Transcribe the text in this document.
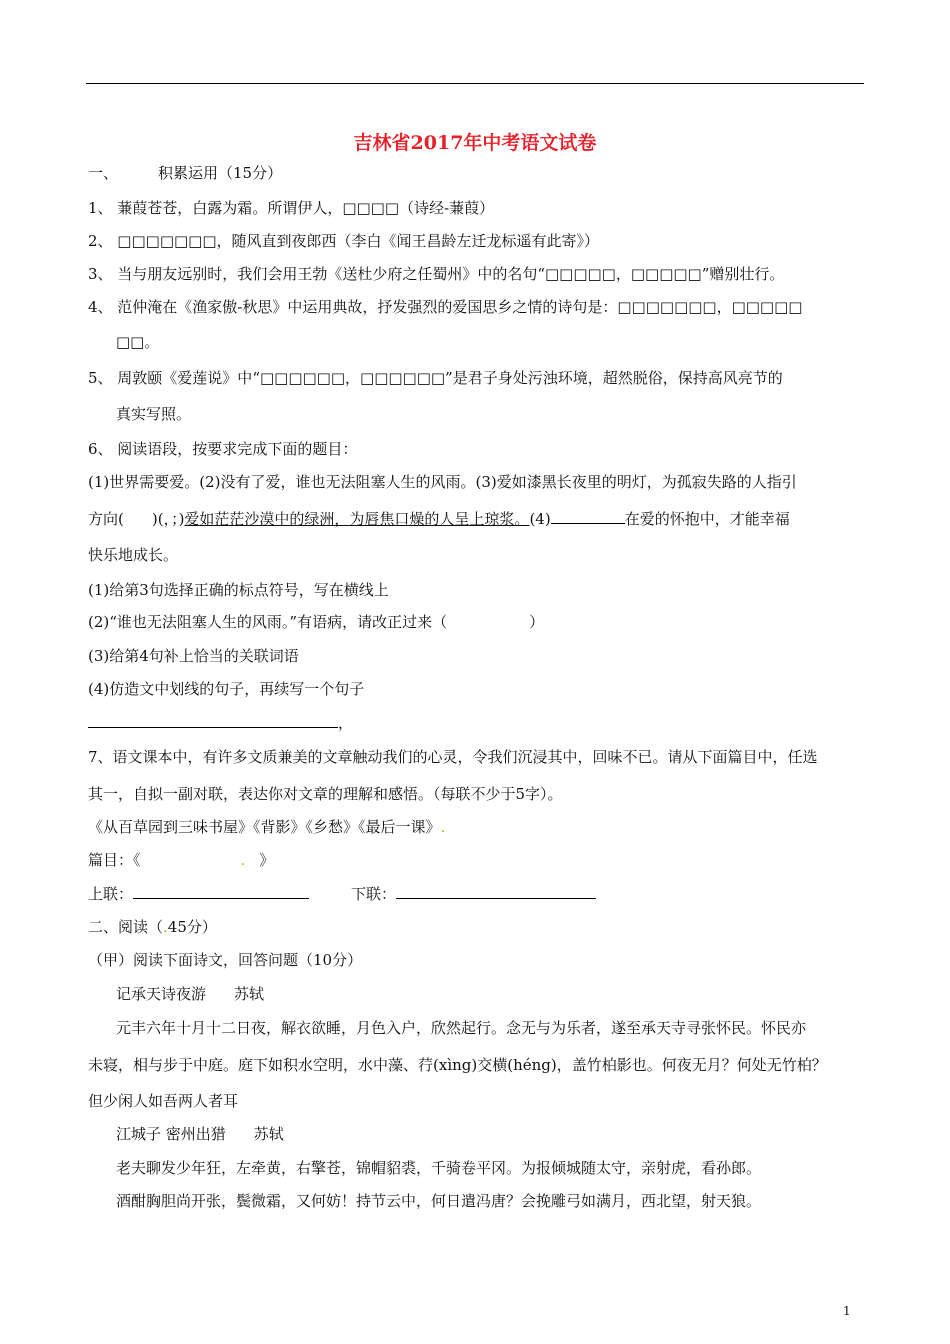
吉林省2017年中考语文试卷
一、	积累运用（15分）
1、 蒹葭苍苍，白露为霜。所谓伊人，□□□□（诗经-蒹葭）
2、 □□□□□□□，随风直到夜郎西（李白《闻王昌龄左迁龙标遥有此寄》）
3、 当与朋友远别时，我们会用王勃《送杜少府之任蜀州》中的名句“□□□□□，□□□□□”赠别壮行。
4、 范仲淹在《渔家傲-秋思》中运用典故，抒发强烈的爱国思乡之情的诗句是：□□□□□□□，□□□□□
□□。
5、 周敦颐《爱莲说》中“□□□□□□，□□□□□□”是君子身处污浊环境，超然脱俗，保持高风亮节的
真实写照。
6、 阅读语段，按要求完成下面的题目：
(1)世界需要爱。(2)没有了爱，谁也无法阻塞人生的风雨。(3)爱如漆黑长夜里的明灯，为孤寂失路的人指引
方向( )(，；)爱如茫茫沙漠中的绿洲，为唇焦口燥的人呈上琼浆。(4)	在爱的怀抱中，才能幸福
快乐地成长。
(1)给第3句选择正确的标点符号，写在横线上
(2)“谁也无法阻塞人生的风雨。”有语病，请改正过来（	）
(3)给第4句补上恰当的关联词语
(4)仿造文中划线的句子，再续写一个句子
，
7、语文课本中，有许多文质兼美的文章触动我们的心灵，令我们沉浸其中，回味不已。请从下面篇目中，任选
其一，自拟一副对联，表达你对文章的理解和感悟。（每联不少于5字）。
《从百草园到三味书屋》《背影》《乡愁》《最后一课》.
篇目：《	. 》
上联：	下联：
二、阅读（.45分）
（甲）阅读下面诗文，回答问题（10分）
记承天诗夜游 苏轼
元丰六年十月十二日夜，解衣欲睡，月色入户，欣然起行。念无与为乐者，遂至承天寺寻张怀民。怀民亦
未寝，相与步于中庭。庭下如积水空明，水中藻、荇(xìng)交横(héng)，盖竹柏影也。何夜无月？何处无竹柏？
但少闲人如吾两人者耳
江城子 密州出猎 苏轼
老夫聊发少年狂，左牵黄，右擎苍，锦帽貂裘，千骑卷平冈。为报倾城随太守，亲射虎，看孙郎。
酒酣胸胆尚开张，鬓微霜，又何妨！持节云中，何日遣冯唐？会挽雕弓如满月，西北望，射天狼。
1
